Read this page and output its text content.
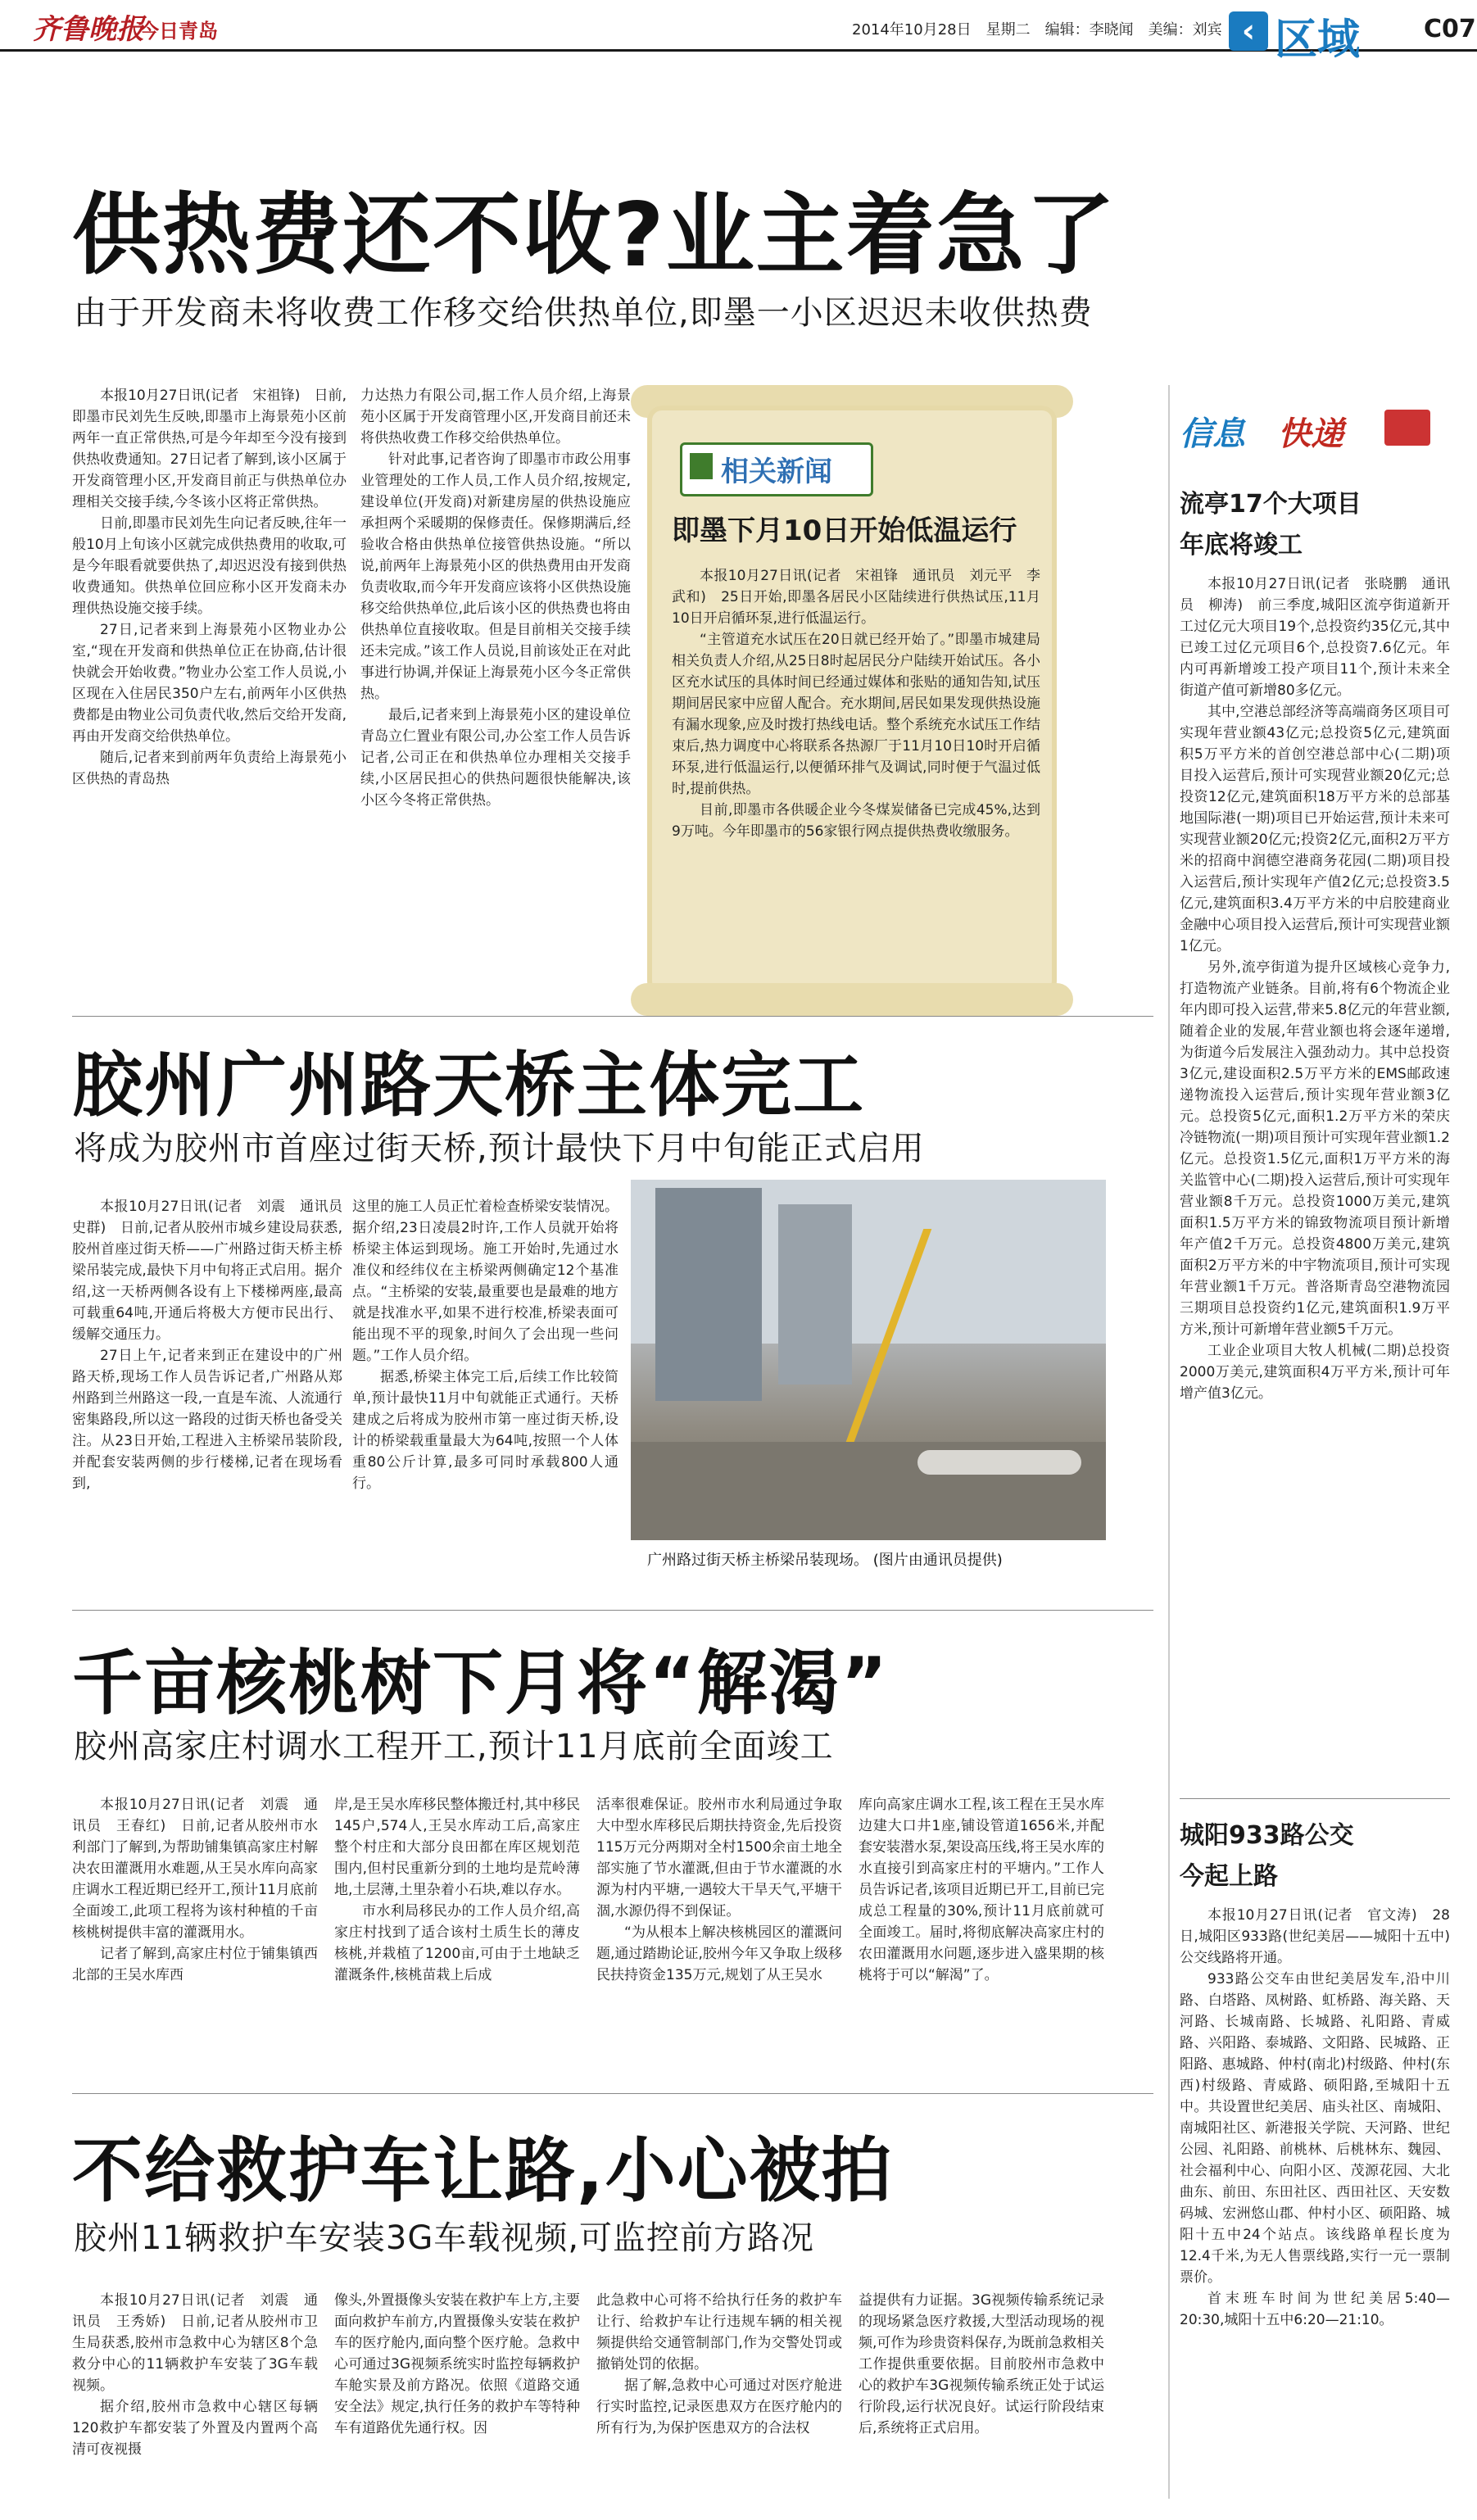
齐鲁晚报
今日青岛	2014年10月28日　星期二　编辑：李晓闻　美编：刘宾 ‹ 区域	C07
供热费还不收?业主着急了
由于开发商未将收费工作移交给供热单位,即墨一小区迟迟未收供热费

本报10月27日讯(记者　宋祖锋)　日前,即墨市民刘先生反映,即墨市上海景苑小区前两年一直正常供热,可是今年却至今没有接到供热收费通知。27日记者了解到,该小区属于开发商管理小区,开发商目前正与供热单位办理相关交接手续,今冬该小区将正常供热。

日前,即墨市民刘先生向记者反映,往年一般10月上旬该小区就完成供热费用的收取,可是今年眼看就要供热了,却迟迟没有接到供热收费通知。供热单位回应称小区开发商未办理供热设施交接手续。

27日,记者来到上海景苑小区物业办公室,“现在开发商和供热单位正在协商,估计很快就会开始收费。”物业办公室工作人员说,小区现在入住居民350户左右,前两年小区供热费都是由物业公司负责代收,然后交给开发商,再由开发商交给供热单位。

随后,记者来到前两年负责给上海景苑小区供热的青岛热

力达热力有限公司,据工作人员介绍,上海景苑小区属于开发商管理小区,开发商目前还未将供热收费工作移交给供热单位。

针对此事,记者咨询了即墨市市政公用事业管理处的工作人员,工作人员介绍,按规定,建设单位(开发商)对新建房屋的供热设施应承担两个采暖期的保修责任。保修期满后,经验收合格由供热单位接管供热设施。“所以说,前两年上海景苑小区的供热费用由开发商负责收取,而今年开发商应该将小区供热设施移交给供热单位,此后该小区的供热费也将由供热单位直接收取。但是目前相关交接手续还未完成。”该工作人员说,目前该处正在对此事进行协调,并保证上海景苑小区今冬正常供热。

最后,记者来到上海景苑小区的建设单位青岛立仁置业有限公司,办公室工作人员告诉记者,公司正在和供热单位办理相关交接手续,小区居民担心的供热问题很快能解决,该小区今冬将正常供热。

相关新闻
即墨下月10日开始低温运行

本报10月27日讯(记者　宋祖锋　通讯员　刘元平　李武和)　25日开始,即墨各居民小区陆续进行供热试压,11月10日开启循环泵,进行低温运行。

“主管道充水试压在20日就已经开始了。”即墨市城建局相关负责人介绍,从25日8时起居民分户陆续开始试压。各小区充水试压的具体时间已经通过媒体和张贴的通知告知,试压期间居民家中应留人配合。充水期间,居民如果发现供热设施有漏水现象,应及时拨打热线电话。整个系统充水试压工作结束后,热力调度中心将联系各热源厂于11月10日10时开启循环泵,进行低温运行,以便循环排气及调试,同时便于气温过低时,提前供热。

目前,即墨市各供暖企业今冬煤炭储备已完成45%,达到9万吨。今年即墨市的56家银行网点提供热费收缴服务。

信息 快递
流亭17个大项目
年底将竣工

本报10月27日讯(记者　张晓鹏　通讯员　柳涛)　前三季度,城阳区流亭街道新开工过亿元大项目19个,总投资约35亿元,其中已竣工过亿元项目6个,总投资7.6亿元。年内可再新增竣工投产项目11个,预计未来全街道产值可新增80多亿元。

其中,空港总部经济等高端商务区项目可实现年营业额43亿元;总投资5亿元,建筑面积5万平方米的首创空港总部中心(二期)项目投入运营后,预计可实现营业额20亿元;总投资12亿元,建筑面积18万平方米的总部基地国际港(一期)项目已开始运营,预计未来可实现营业额20亿元;投资2亿元,面积2万平方米的招商中润德空港商务花园(二期)项目投入运营后,预计实现年产值2亿元;总投资3.5亿元,建筑面积3.4万平方米的中启胶建商业金融中心项目投入运营后,预计可实现营业额1亿元。

另外,流亭街道为提升区域核心竞争力,打造物流产业链条。目前,将有6个物流企业年内即可投入运营,带来5.8亿元的年营业额,随着企业的发展,年营业额也将会逐年递增,为街道今后发展注入强劲动力。其中总投资3亿元,建设面积2.5万平方米的EMS邮政速递物流投入运营后,预计实现年营业额3亿元。总投资5亿元,面积1.2万平方米的荣庆冷链物流(一期)项目预计可实现年营业额1.2亿元。总投资1.5亿元,面积1万平方米的海关监管中心(二期)投入运营后,预计可实现年营业额8千万元。总投资1000万美元,建筑面积1.5万平方米的锦致物流项目预计新增年产值2千万元。总投资4800万美元,建筑面积2万平方米的中宇物流项目,预计可实现年营业额1千万元。普洛斯青岛空港物流园三期项目总投资约1亿元,建筑面积1.9万平方米,预计可新增年营业额5千万元。

工业企业项目大牧人机械(二期)总投资2000万美元,建筑面积4万平方米,预计可年增产值3亿元。

城阳933路公交
今起上路

本报10月27日讯(记者　官文涛)　28日,城阳区933路(世纪美居——城阳十五中)公交线路将开通。

933路公交车由世纪美居发车,沿中川路、白塔路、凤树路、虹桥路、海关路、天河路、长城南路、长城路、礼阳路、青威路、兴阳路、泰城路、文阳路、民城路、正阳路、惠城路、仲村(南北)村级路、仲村(东西)村级路、青威路、硕阳路,至城阳十五中。共设置世纪美居、庙头社区、南城阳、南城阳社区、新港报关学院、天河路、世纪公园、礼阳路、前桃林、后桃林东、魏园、社会福利中心、向阳小区、茂源花园、大北曲东、前田、东田社区、西田社区、天安数码城、宏洲悠山郡、仲村小区、硕阳路、城阳十五中24个站点。该线路单程长度为12.4千米,为无人售票线路,实行一元一票制票价。

首末班车时间为世纪美居5:40—20:30,城阳十五中6:20—21:10。

胶州广州路天桥主体完工
将成为胶州市首座过街天桥,预计最快下月中旬能正式启用

本报10月27日讯(记者　刘震　通讯员　史群)　日前,记者从胶州市城乡建设局获悉,胶州首座过街天桥——广州路过街天桥主桥梁吊装完成,最快下月中旬将正式启用。据介绍,这一天桥两侧各设有上下楼梯两座,最高可载重64吨,开通后将极大方便市民出行、缓解交通压力。

27日上午,记者来到正在建设中的广州路天桥,现场工作人员告诉记者,广州路从郑州路到兰州路这一段,一直是车流、人流通行密集路段,所以这一路段的过街天桥也备受关注。从23日开始,工程进入主桥梁吊装阶段,并配套安装两侧的步行楼梯,记者在现场看到,

这里的施工人员正忙着检查桥梁安装情况。据介绍,23日凌晨2时许,工作人员就开始将桥梁主体运到现场。施工开始时,先通过水准仪和经纬仪在主桥梁两侧确定12个基准点。“主桥梁的安装,最重要也是最难的地方就是找准水平,如果不进行校准,桥梁表面可能出现不平的现象,时间久了会出现一些问题。”工作人员介绍。

据悉,桥梁主体完工后,后续工作比较简单,预计最快11月中旬就能正式通行。天桥建成之后将成为胶州市第一座过街天桥,设计的桥梁载重量最大为64吨,按照一个人体重80公斤计算,最多可同时承载800人通行。

广州路过街天桥主桥梁吊装现场。 (图片由通讯员提供)
千亩核桃树下月将“解渴”
胶州高家庄村调水工程开工,预计11月底前全面竣工

本报10月27日讯(记者　刘震　通讯员　王春红)　日前,记者从胶州市水利部门了解到,为帮助铺集镇高家庄村解决农田灌溉用水难题,从王吴水库向高家庄调水工程近期已经开工,预计11月底前全面竣工,此项工程将为该村种植的千亩核桃树提供丰富的灌溉用水。

记者了解到,高家庄村位于铺集镇西北部的王吴水库西

岸,是王吴水库移民整体搬迁村,其中移民145户,574人,王吴水库动工后,高家庄整个村庄和大部分良田都在库区规划范围内,但村民重新分到的土地均是荒岭薄地,土层薄,土里杂着小石块,难以存水。

市水利局移民办的工作人员介绍,高家庄村找到了适合该村土质生长的薄皮核桃,并栽植了1200亩,可由于土地缺乏灌溉条件,核桃苗栽上后成

活率很难保证。胶州市水利局通过争取大中型水库移民后期扶持资金,先后投资115万元分两期对全村1500余亩土地全部实施了节水灌溉,但由于节水灌溉的水源为村内平塘,一遇较大干旱天气,平塘干涸,水源仍得不到保证。

“为从根本上解决核桃园区的灌溉问题,通过踏勘论证,胶州今年又争取上级移民扶持资金135万元,规划了从王吴水

库向高家庄调水工程,该工程在王吴水库边建大口井1座,铺设管道1656米,并配套安装潜水泵,架设高压线,将王吴水库的水直接引到高家庄村的平塘内。”工作人员告诉记者,该项目近期已开工,目前已完成总工程量的30%,预计11月底前就可全面竣工。届时,将彻底解决高家庄村的农田灌溉用水问题,逐步进入盛果期的核桃将于可以“解渴”了。

不给救护车让路,小心被拍
胶州11辆救护车安装3G车载视频,可监控前方路况

本报10月27日讯(记者　刘震　通讯员　王秀娇)　日前,记者从胶州市卫生局获悉,胶州市急救中心为辖区8个急救分中心的11辆救护车安装了3G车载视频。

据介绍,胶州市急救中心辖区每辆120救护车都安装了外置及内置两个高清可夜视摄

像头,外置摄像头安装在救护车上方,主要面向救护车前方,内置摄像头安装在救护车的医疗舱内,面向整个医疗舱。急救中心可通过3G视频系统实时监控每辆救护车舱实景及前方路况。依照《道路交通安全法》规定,执行任务的救护车等特种车有道路优先通行权。因

此急救中心可将不给执行任务的救护车让行、给救护车让行违规车辆的相关视频提供给交通管制部门,作为交警处罚或撤销处罚的依据。

据了解,急救中心可通过对医疗舱进行实时监控,记录医患双方在医疗舱内的所有行为,为保护医患双方的合法权

益提供有力证据。3G视频传输系统记录的现场紧急医疗救援,大型活动现场的视频,可作为珍贵资料保存,为既前急救相关工作提供重要依据。目前胶州市急救中心的救护车3G视频传输系统正处于试运行阶段,运行状况良好。试运行阶段结束后,系统将正式启用。
